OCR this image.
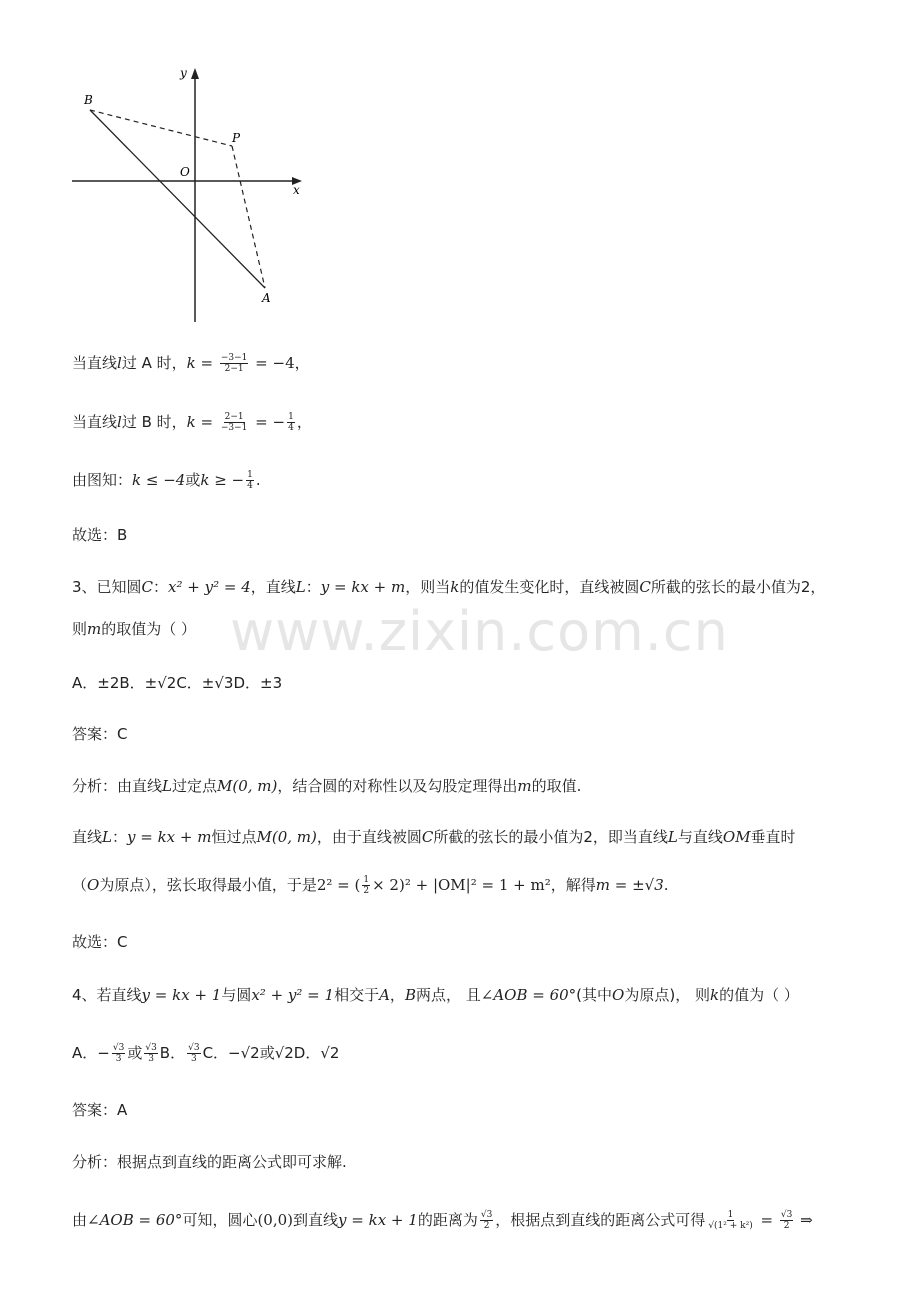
www.zixin.com.cn
y
x
O
B
P
A
当直线l过 A 时，$k = \frac{-3-1}{2-1} = -4$，
当直线l过 B 时，$k = \frac{2-1}{-3-1}$ = − $\frac{1}{4}$ ，
由图知：k ≤ −4或k ≥ − $\frac{1}{4}$ .
故选：B
3、已知圆C：x² + y² = 4，直线L：y = kx + m，则当k的值发生变化时，直线被圆C所截的弦长的最小值为2，
则m的取值为（ ）
A．±2B．±√2C．±√3D．±3
答案：C
分析：由直线L过定点M(0, m)，结合圆的对称性以及勾股定理得出m的取值.
直线L：y = kx + m恒过点M(0, m)，由于直线被圆C所截的弦长的最小值为2，即当直线L与直线OM垂直时
（O为原点），弦长取得最小值，于是2² = ( $\frac{1}{2} \times 2)^2 + |OM|^2 = 1 + m^2$，解得m = ±√3.
故选：C
4、若直线y = kx + 1与圆x² + y² = 1相交于A，B两点， 且∠AOB = 60°(其中O为原点)， 则k的值为（ ）
A．− $\frac{√3}{3}$ 或 $\frac{√3}{3}$ B． $\frac{√3}{3}$ C．−√2或√2D．√2
答案：A
分析：根据点到直线的距离公式即可求解.
由∠AOB = 60°可知，圆心(0,0)到直线y = kx + 1的距离为 $\frac{√3}{2}$ ，根据点到直线的距离公式可得 $\frac{1}{\text{√(1² + k²)}} = \frac{√3}{2}$ ⇒
